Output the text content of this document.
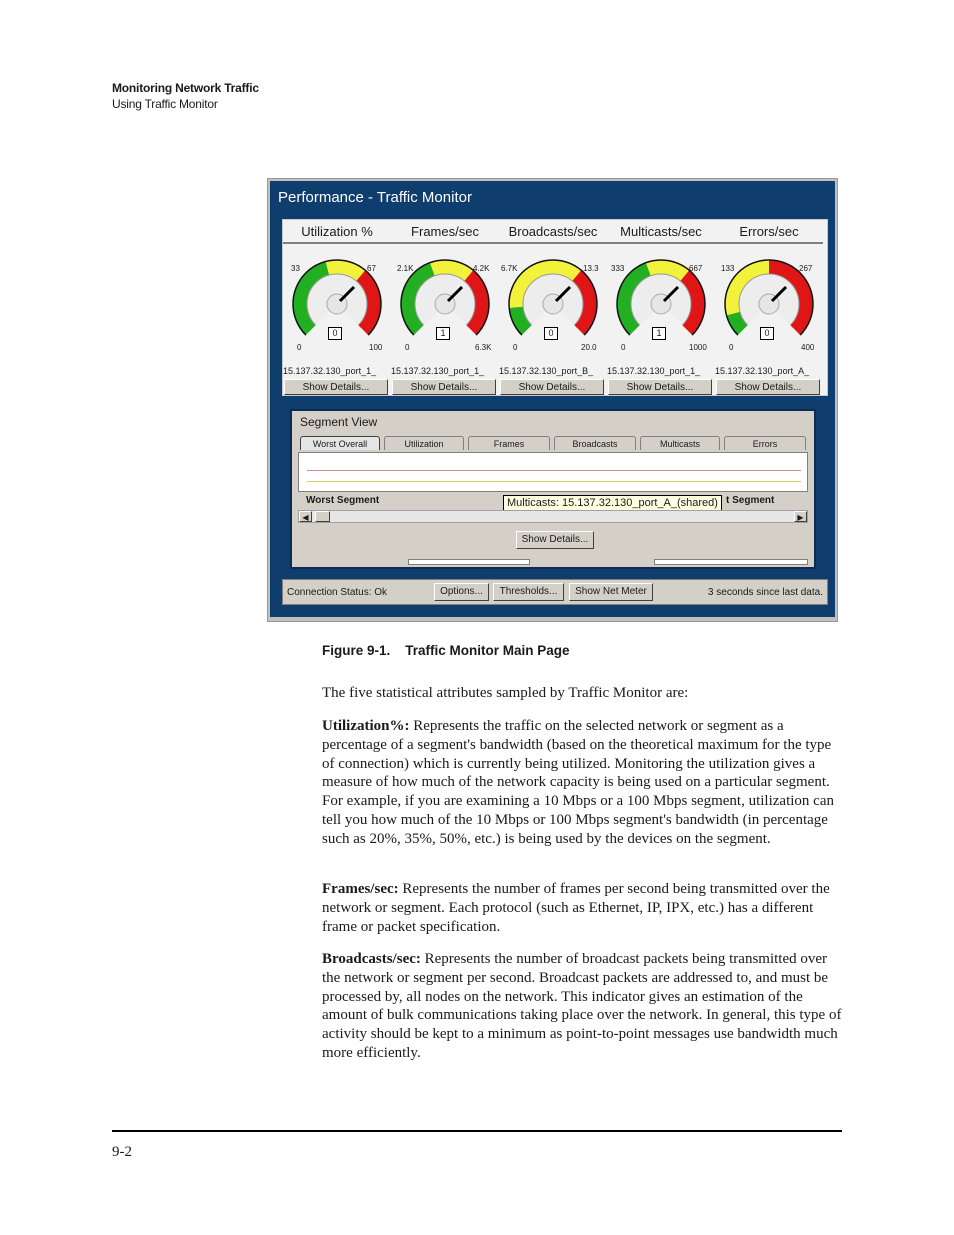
Monitoring Network Traffic
Using Traffic Monitor
Performance - Traffic Monitor
Utilization %
33	67
0	100
0
15.137.32.130_port_1_
Show Details...
Frames/sec
2.1K	4.2K
0	6.3K
1
15.137.32.130_port_1_
Show Details...
Broadcasts/sec
6.7K	13.3
0	20.0
0
15.137.32.130_port_B_
Show Details...
Multicasts/sec
333	667
0	1000
1
15.137.32.130_port_1_
Show Details...
Errors/sec
133	267
0	400
0
15.137.32.130_port_A_
Show Details...
Segment View
Worst Overall	Utilization	Frames	Broadcasts	Multicasts	Errors
Worst Segment	t Segment
Multicasts: 15.137.32.130_port_A_(shared)
◀	▶
Show Details...
Connection Status: Ok	Options...	Thresholds...	Show Net Meter	3 seconds since last data.
Figure 9-1.    Traffic Monitor Main Page

The five statistical attributes sampled by Traffic Monitor are:

Utilization%: Represents the traffic on the selected network or segment as a percentage of a segment's bandwidth (based on the theoretical maximum for the type of connection) which is currently being utilized. Monitoring the utilization gives a measure of how much of the network capacity is being used on a particular segment. For example, if you are examining a 10 Mbps or a 100 Mbps segment, utilization can tell you how much of the 10 Mbps or 100 Mbps segment's bandwidth (in percentage such as 20%, 35%, 50%, etc.) is being used by the devices on the segment.

Frames/sec: Represents the number of frames per second being transmitted over the network or segment. Each protocol (such as Ethernet, IP, IPX, etc.) has a different frame or packet specification.

Broadcasts/sec: Represents the number of broadcast packets being transmitted over the network or segment per second. Broadcast packets are addressed to, and must be processed by, all nodes on the network. This indicator gives an estimation of the amount of bulk communications taking place over the network. In general, this type of activity should be kept to a minimum as point-to-point messages use bandwidth much more efficiently.

9-2
